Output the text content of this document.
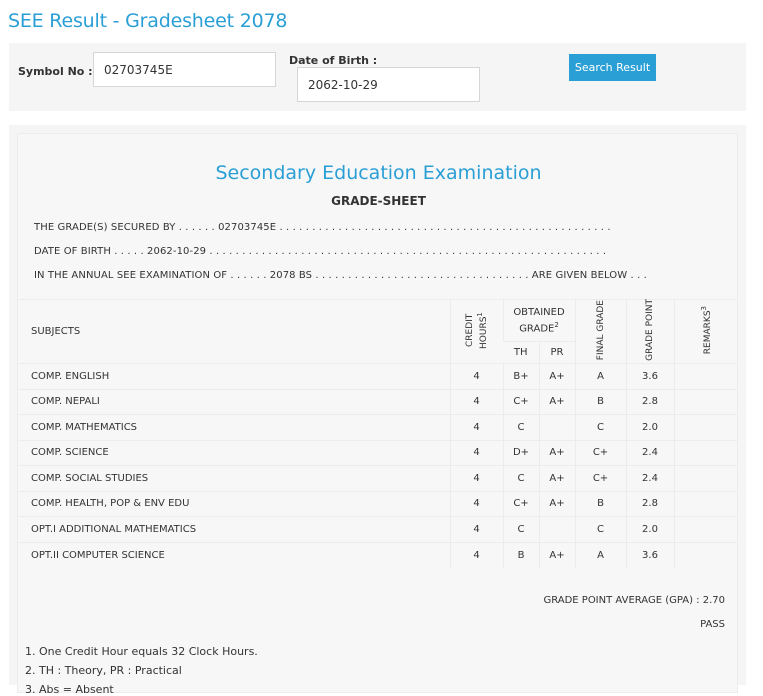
SEE Result - Gradesheet 2078
Symbol No :
02703745E
Date of Birth :
2062-10-29
Search Result
Secondary Education Examination
GRADE-SHEET
THE GRADE(S) SECURED BY . . . . . . 02703745E . . . . . . . . . . . . . . . . . . . . . . . . . . . . . . . . . . . . . . . . . . . . . . . . . . .
DATE OF BIRTH . . . . . 2062-10-29 . . . . . . . . . . . . . . . . . . . . . . . . . . . . . . . . . . . . . . . . . . . . . . . . . . . . . . . . . . . . .
IN THE ANNUAL SEE EXAMINATION OF . . . . . . 2078 BS . . . . . . . . . . . . . . . . . . . . . . . . . . . . . . . . . ARE GIVEN BELOW . . .
SUBJECTS	CREDIT HOURS$^1$	OBTAINED GRADE$^2$		FINAL GRADE	GRADE POINT	REMARKS$^3$
		TH	PR			
COMP. ENGLISH	4	B+	A+	A	3.6	
COMP. NEPALI	4	C+	A+	B	2.8	
COMP. MATHEMATICS	4	C		C	2.0	
COMP. SCIENCE	4	D+	A+	C+	2.4	
COMP. SOCIAL STUDIES	4	C	A+	C+	2.4	
COMP. HEALTH, POP & ENV EDU	4	C+	A+	B	2.8	
OPT.I ADDITIONAL MATHEMATICS	4	C		C	2.0	
OPT.II COMPUTER SCIENCE	4	B	A+	A	3.6	
GRADE POINT AVERAGE (GPA) : 2.70
PASS
1. One Credit Hour equals 32 Clock Hours.
2. TH : Theory, PR : Practical
3. Abs = Absent
